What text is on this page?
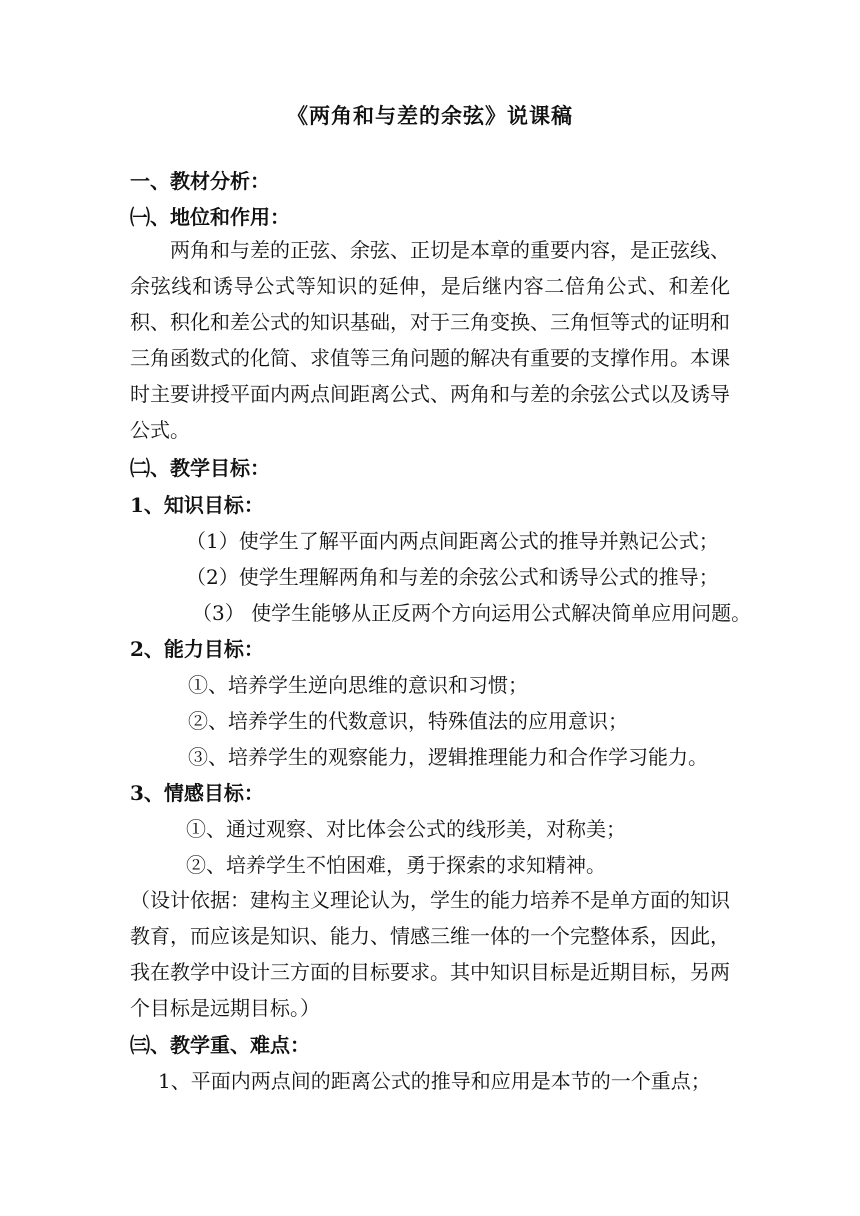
《两角和与差的余弦》说课稿
一、教材分析：
㈠、地位和作用：
两角和与差的正弦、余弦、正切是本章的重要内容，是正弦线、余弦线和诱导公式等知识的延伸，是后继内容二倍角公式、和差化积、积化和差公式的知识基础，对于三角变换、三角恒等式的证明和三角函数式的化简、求值等三角问题的解决有重要的支撑作用。本课时主要讲授平面内两点间距离公式、两角和与差的余弦公式以及诱导公式。
㈡、教学目标：
1、知识目标：
（1）使学生了解平面内两点间距离公式的推导并熟记公式；
（2）使学生理解两角和与差的余弦公式和诱导公式的推导；
（3） 使学生能够从正反两个方向运用公式解决简单应用问题。
2、能力目标：
①、培养学生逆向思维的意识和习惯；
②、培养学生的代数意识，特殊值法的应用意识；
③、培养学生的观察能力，逻辑推理能力和合作学习能力。
3、情感目标：
①、通过观察、对比体会公式的线形美，对称美；
②、培养学生不怕困难，勇于探索的求知精神。
（设计依据：建构主义理论认为，学生的能力培养不是单方面的知识教育，而应该是知识、能力、情感三维一体的一个完整体系，因此，我在教学中设计三方面的目标要求。其中知识目标是近期目标，另两个目标是远期目标。）
㈢、教学重、难点：
1、平面内两点间的距离公式的推导和应用是本节的一个重点；
